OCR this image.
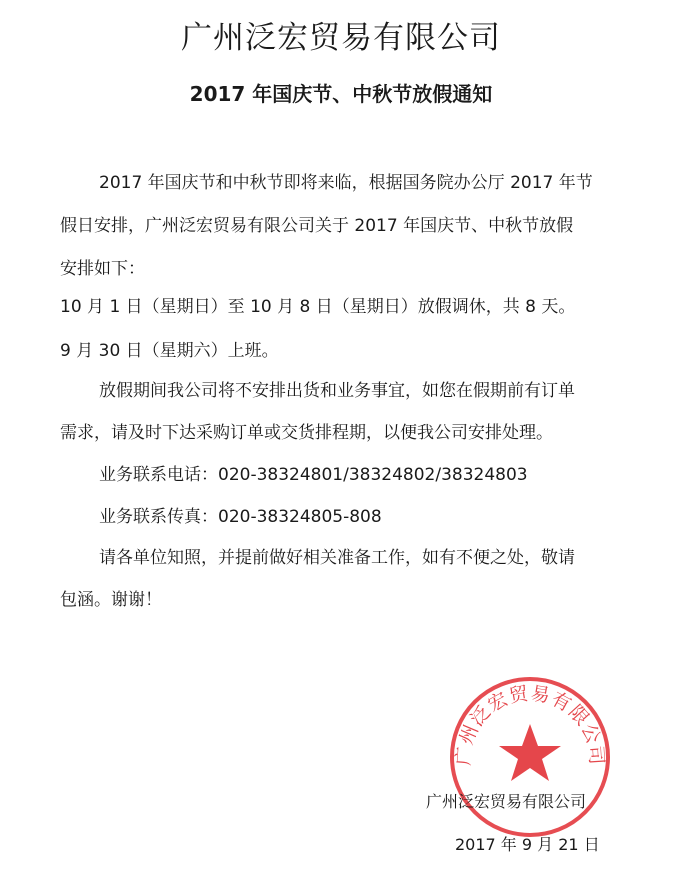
广州泛宏贸易有限公司
2017 年国庆节、中秋节放假通知
2017 年国庆节和中秋节即将来临，根据国务院办公厅 2017 年节
假日安排，广州泛宏贸易有限公司关于 2017 年国庆节、中秋节放假
安排如下：
10 月 1 日（星期日）至 10 月 8 日（星期日）放假调休，共 8 天。
9 月 30 日（星期六）上班。
放假期间我公司将不安排出货和业务事宜，如您在假期前有订单
需求，请及时下达采购订单或交货排程期，以便我公司安排处理。
业务联系电话：020-38324801/38324802/38324803
业务联系传真：020-38324805-808
请各单位知照，并提前做好相关准备工作，如有不便之处，敬请
包涵。谢谢！
广州泛宏贸易有限公司
广州泛宏贸易有限公司
2017 年 9 月 21 日
